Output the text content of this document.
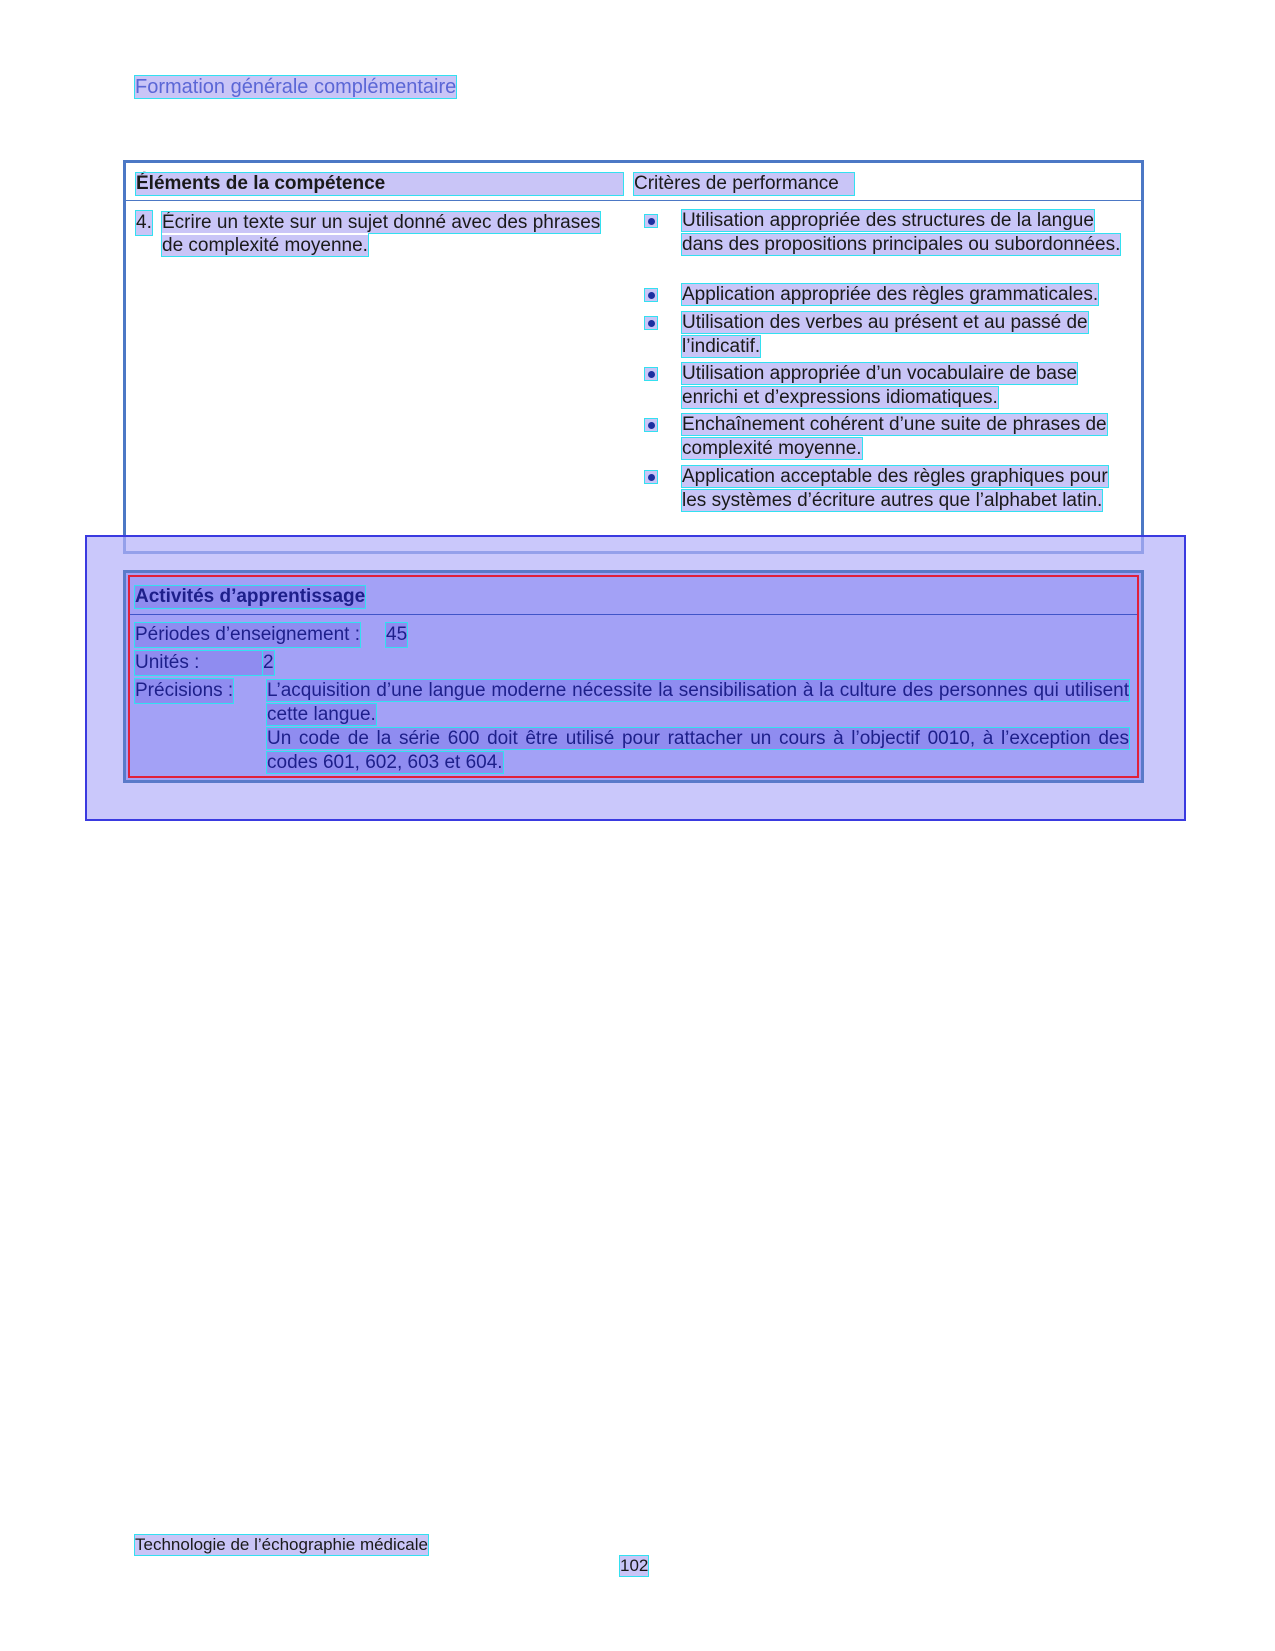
Formation générale complémentaire
Éléments de la compétence	Critères de performance
4. Écrire un texte sur un sujet donné avec des phrases de complexité moyenne.
Utilisation appropriée des structures de la langue dans des propositions principales ou subordonnées.
Application appropriée des règles grammaticales.
Utilisation des verbes au présent et au passé de l’indicatif.
Utilisation appropriée d’un vocabulaire de base enrichi et d’expressions idiomatiques.
Enchaînement cohérent d’une suite de phrases de complexité moyenne.
Application acceptable des règles graphiques pour les systèmes d’écriture autres que l’alphabet latin.
Activités d’apprentissage
Périodes d’enseignement : 45
Unités :	2
Précisions : L’acquisition d’une langue moderne nécessite la sensibilisation à la culture des personnes qui utilisent cette langue.

Un code de la série 600 doit être utilisé pour rattacher un cours à l’objectif 0010, à l’exception des codes 601, 602, 603 et 604.

Technologie de l’échographie médicale
102
